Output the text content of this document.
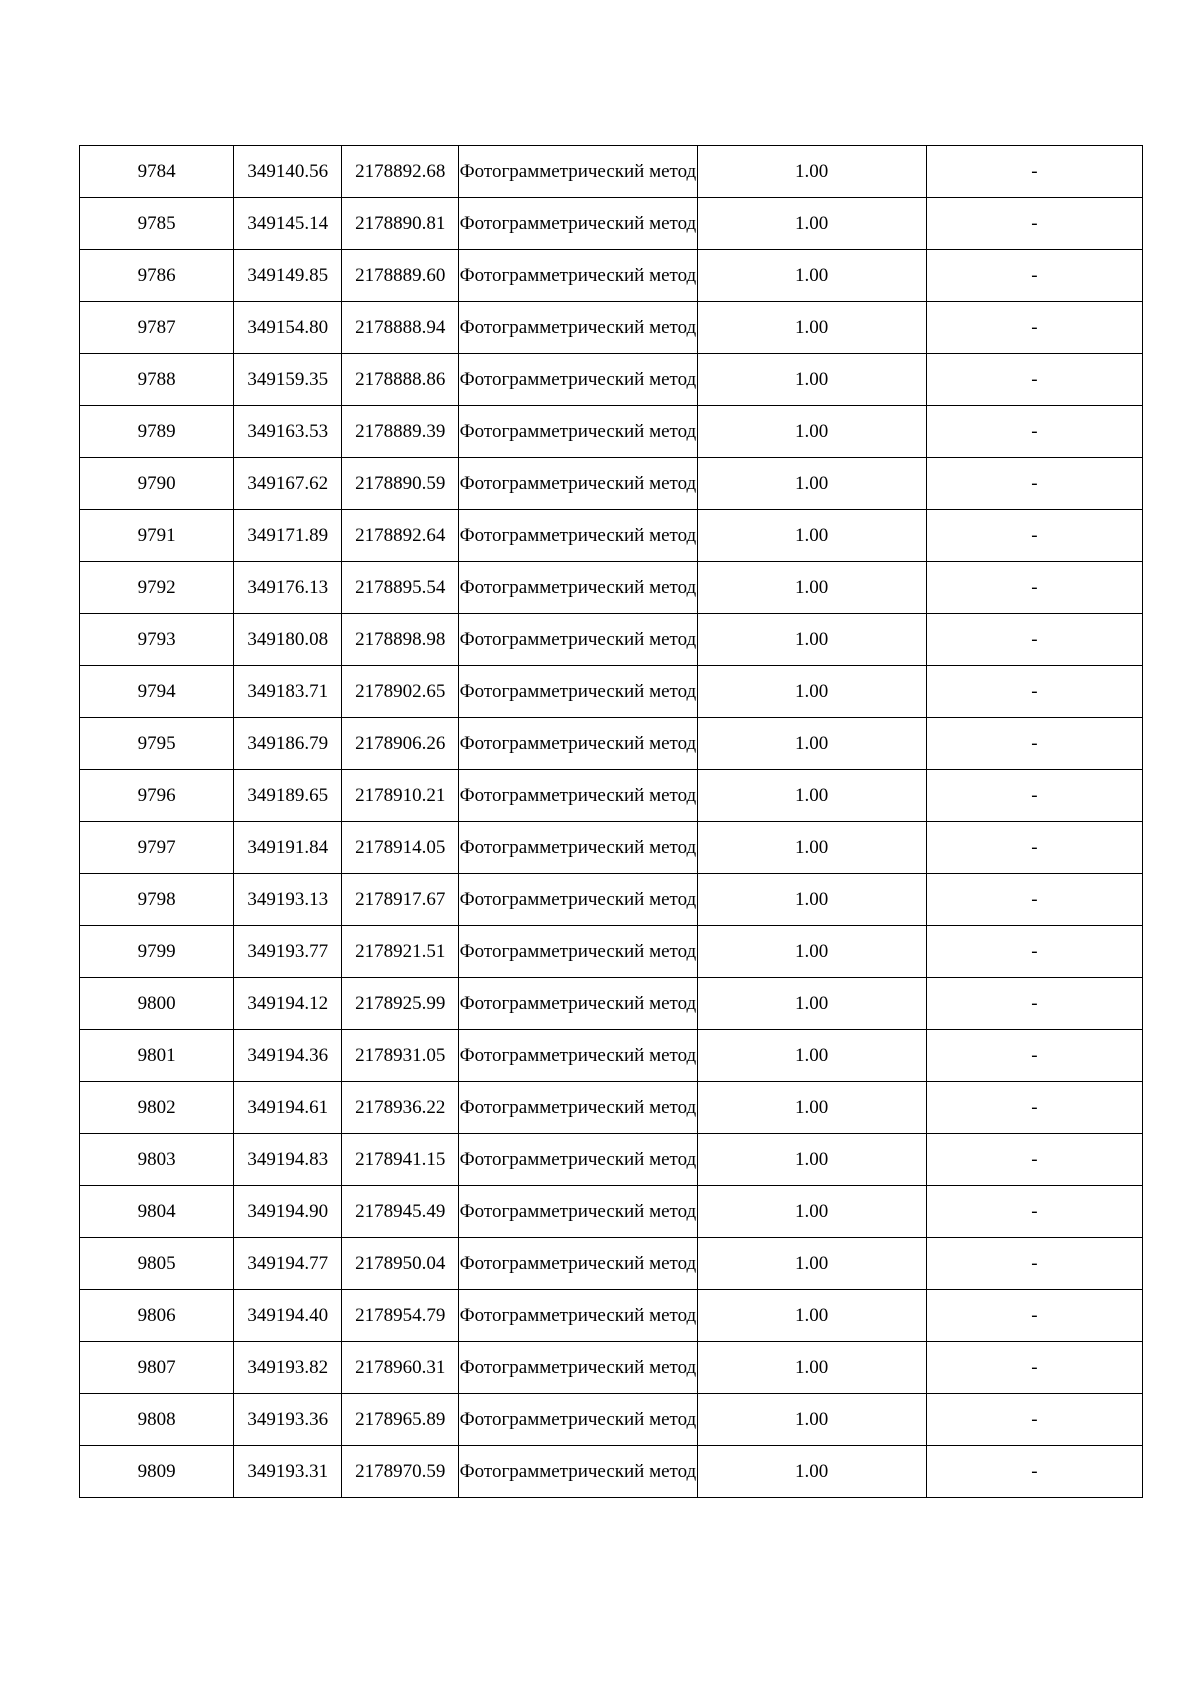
9784	349140.56	2178892.68	Фотограмметрический метод	1.00	-
9785	349145.14	2178890.81	Фотограмметрический метод	1.00	-
9786	349149.85	2178889.60	Фотограмметрический метод	1.00	-
9787	349154.80	2178888.94	Фотограмметрический метод	1.00	-
9788	349159.35	2178888.86	Фотограмметрический метод	1.00	-
9789	349163.53	2178889.39	Фотограмметрический метод	1.00	-
9790	349167.62	2178890.59	Фотограмметрический метод	1.00	-
9791	349171.89	2178892.64	Фотограмметрический метод	1.00	-
9792	349176.13	2178895.54	Фотограмметрический метод	1.00	-
9793	349180.08	2178898.98	Фотограмметрический метод	1.00	-
9794	349183.71	2178902.65	Фотограмметрический метод	1.00	-
9795	349186.79	2178906.26	Фотограмметрический метод	1.00	-
9796	349189.65	2178910.21	Фотограмметрический метод	1.00	-
9797	349191.84	2178914.05	Фотограмметрический метод	1.00	-
9798	349193.13	2178917.67	Фотограмметрический метод	1.00	-
9799	349193.77	2178921.51	Фотограмметрический метод	1.00	-
9800	349194.12	2178925.99	Фотограмметрический метод	1.00	-
9801	349194.36	2178931.05	Фотограмметрический метод	1.00	-
9802	349194.61	2178936.22	Фотограмметрический метод	1.00	-
9803	349194.83	2178941.15	Фотограмметрический метод	1.00	-
9804	349194.90	2178945.49	Фотограмметрический метод	1.00	-
9805	349194.77	2178950.04	Фотограмметрический метод	1.00	-
9806	349194.40	2178954.79	Фотограмметрический метод	1.00	-
9807	349193.82	2178960.31	Фотограмметрический метод	1.00	-
9808	349193.36	2178965.89	Фотограмметрический метод	1.00	-
9809	349193.31	2178970.59	Фотограмметрический метод	1.00	-
